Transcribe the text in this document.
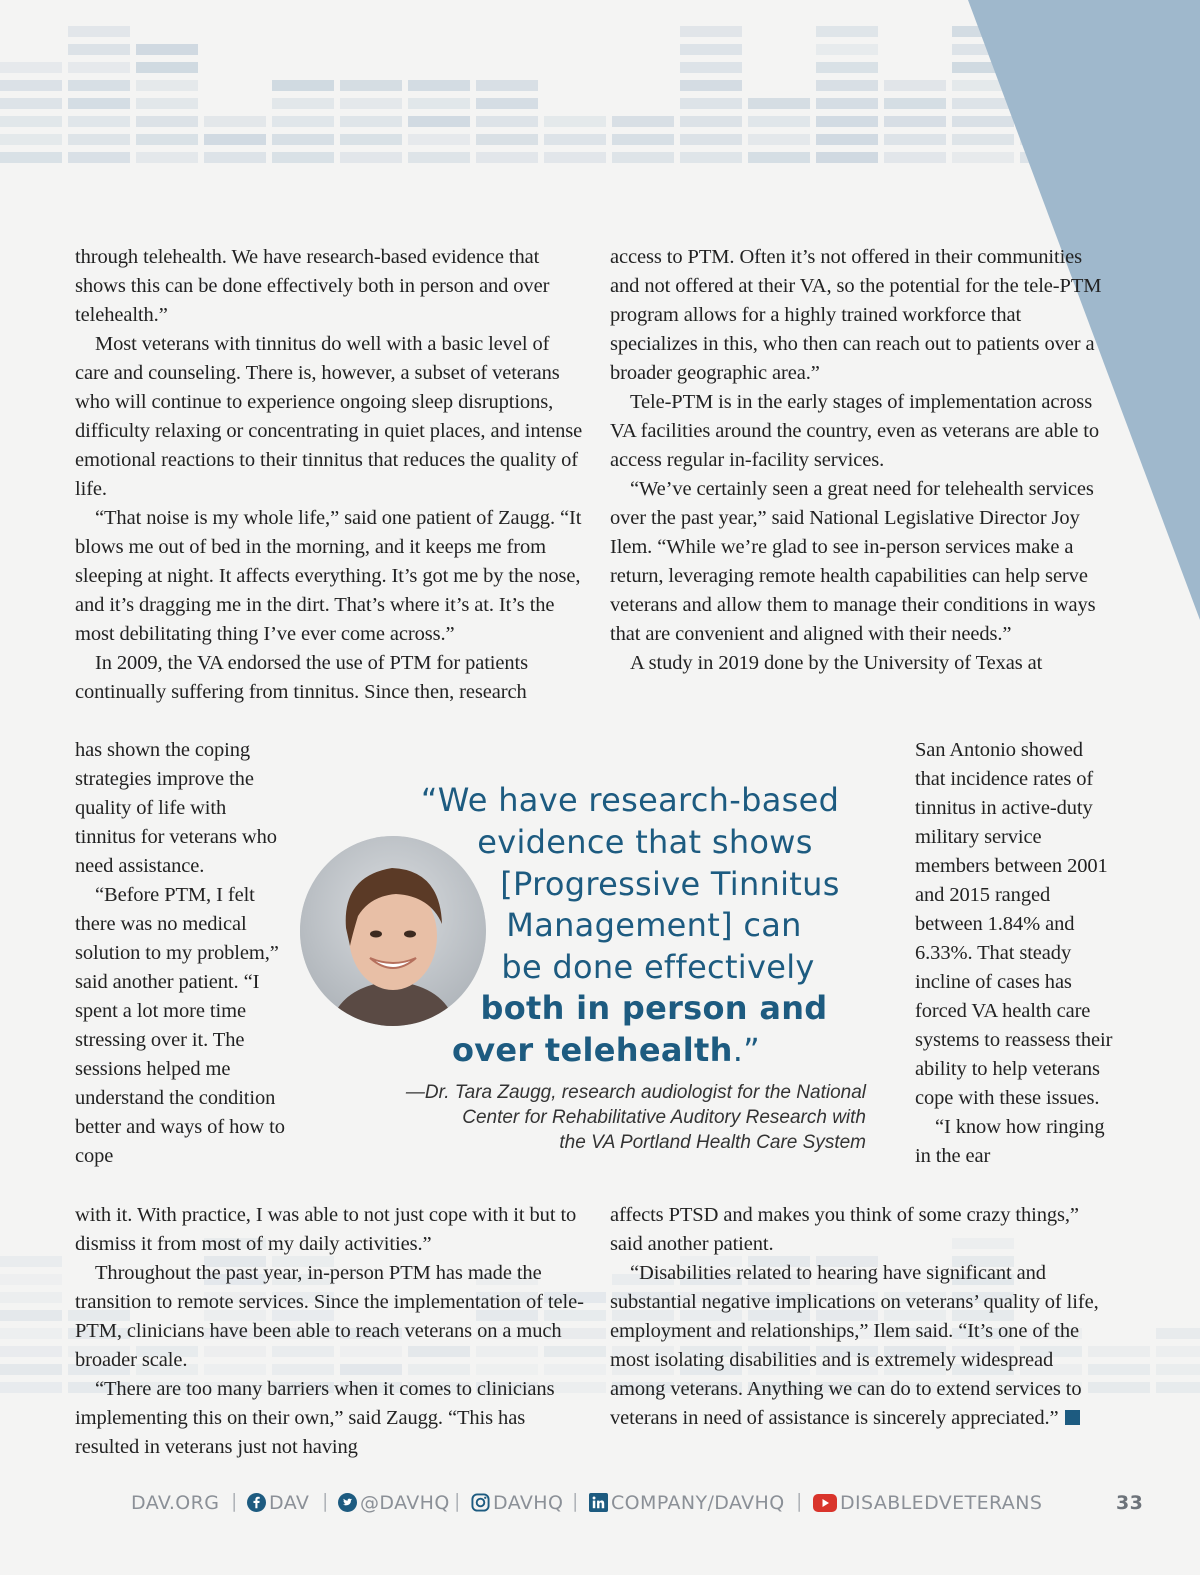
through telehealth. We have research-based evidence that shows this can be done effectively both in person and over telehealth.”

Most veterans with tinnitus do well with a basic level of care and counseling. There is, however, a subset of veterans who will continue to experience ongoing sleep disruptions, difficulty relaxing or concentrating in quiet places, and intense emotional reactions to their tinnitus that reduces the quality of life.

“That noise is my whole life,” said one patient of Zaugg. “It blows me out of bed in the morning, and it keeps me from sleeping at night. It affects everything. It’s got me by the nose, and it’s dragging me in the dirt. That’s where it’s at. It’s the most debilitating thing I’ve ever come across.”

In 2009, the VA endorsed the use of PTM for patients continually suffering from tinnitus. Since then, research

has shown the coping strategies improve the quality of life with tinnitus for veterans who need assistance.

“Before PTM, I felt there was no medical solution to my problem,” said another patient. “I spent a lot more time stressing over it. The sessions helped me understand the condition better and ways of how to cope

with it. With practice, I was able to not just cope with it but to dismiss it from most of my daily activities.”

Throughout the past year, in-person PTM has made the transition to remote services. Since the implementation of tele-PTM, clinicians have been able to reach veterans on a much broader scale.

“There are too many barriers when it comes to clinicians implementing this on their own,” said Zaugg. “This has resulted in veterans just not having

access to PTM. Often it’s not offered in their communities and not offered at their VA, so the potential for the tele-PTM program allows for a highly trained workforce that specializes in this, who then can reach out to patients over a broader geographic area.”

Tele-PTM is in the early stages of implementation across VA facilities around the country, even as veterans are able to access regular in-facility services.

“We’ve certainly seen a great need for telehealth services over the past year,” said National Legislative Director Joy Ilem. “While we’re glad to see in-person services make a return, leveraging remote health capabilities can help serve veterans and allow them to manage their conditions in ways that are convenient and aligned with their needs.”

A study in 2019 done by the University of Texas at

San Antonio showed that incidence rates of tinnitus in active-duty military service members between 2001 and 2015 ranged between 1.84% and 6.33%. That steady incline of cases has forced VA health care systems to reassess their ability to help veterans cope with these issues.

“I know how ringing in the ear

affects PTSD and makes you think of some crazy things,” said another patient.

“Disabilities related to hearing have significant and substantial negative implications on veterans’ quality of life, employment and relationships,” Ilem said. “It’s one of the most isolating disabilities and is extremely widespread among veterans. Anything we can do to extend services to veterans in need of assistance is sincerely appreciated.”

“We have research-based
evidence that shows
[Progressive Tinnitus
Management] can
be done effectively
both in person and
over telehealth.”
—Dr. Tara Zaugg, research audiologist for the National
Center for Rehabilitative Auditory Research with
the VA Portland Health Care System
DAV.ORG |	DAV |	@DAVHQ |	DAVHQ |	COMPANY/DAVHQ |	DISABLEDVETERANS	33
